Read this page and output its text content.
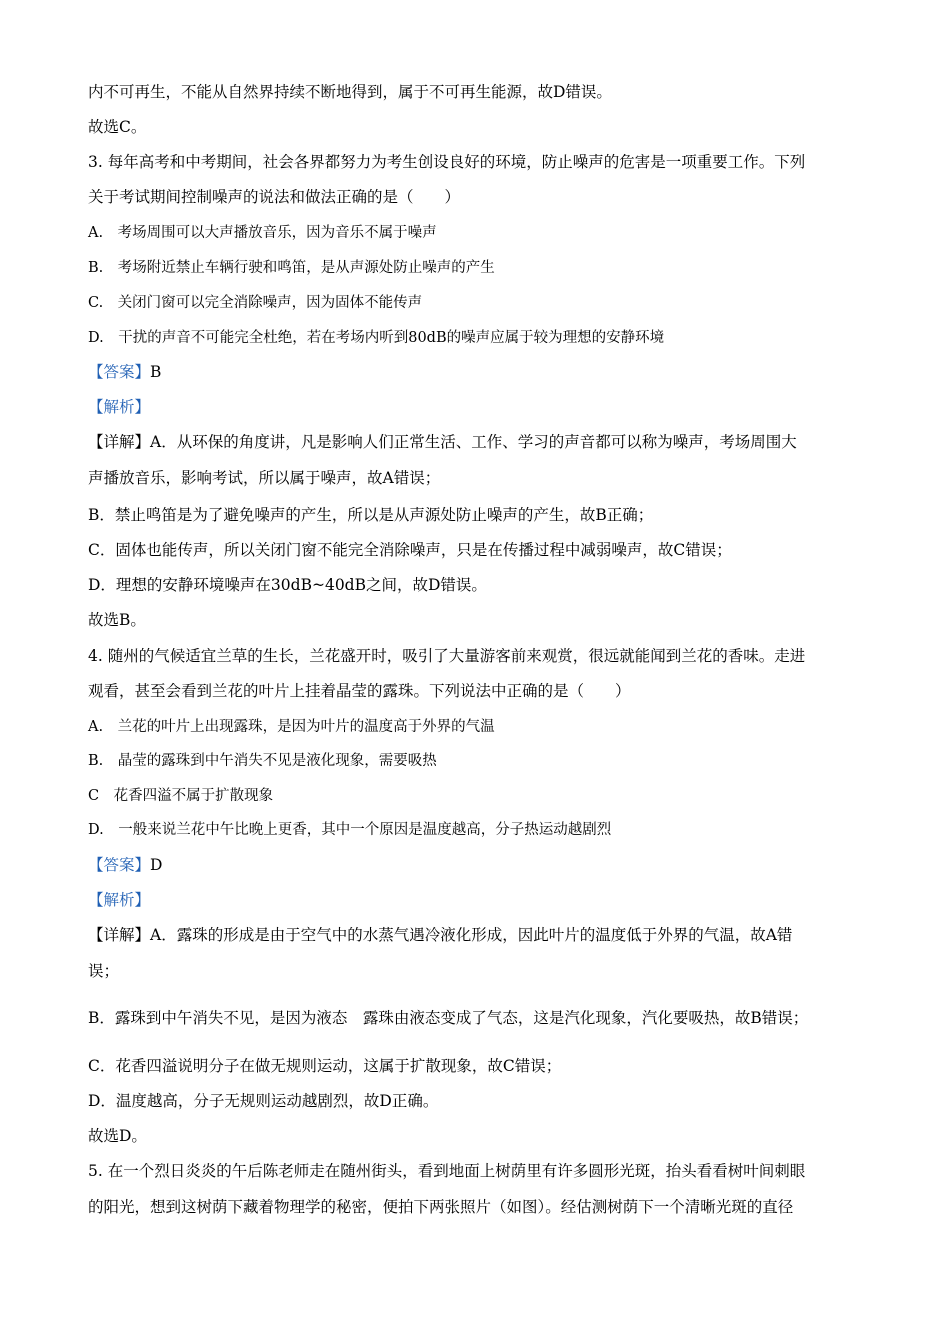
内不可再生，不能从自然界持续不断地得到，属于不可再生能源，故D错误。
故选C。
3. 每年高考和中考期间，社会各界都努力为考生创设良好的环境，防止噪声的危害是一项重要工作。下列
关于考试期间控制噪声的说法和做法正确的是（　　）
A.　考场周围可以大声播放音乐，因为音乐不属于噪声
B.　考场附近禁止车辆行驶和鸣笛，是从声源处防止噪声的产生
C.　关闭门窗可以完全消除噪声，因为固体不能传声
D.　干扰的声音不可能完全杜绝，若在考场内听到80dB的噪声应属于较为理想的安静环境
【答案】B
【解析】
【详解】A．从环保的角度讲，凡是影响人们正常生活、工作、学习的声音都可以称为噪声，考场周围大
声播放音乐，影响考试，所以属于噪声，故A错误；
B．禁止鸣笛是为了避免噪声的产生，所以是从声源处防止噪声的产生，故B正确；
C．固体也能传声，所以关闭门窗不能完全消除噪声，只是在传播过程中减弱噪声，故C错误；
D．理想的安静环境噪声在30dB~40dB之间，故D错误。
故选B。
4. 随州的气候适宜兰草的生长，兰花盛开时，吸引了大量游客前来观赏，很远就能闻到兰花的香味。走进
观看，甚至会看到兰花的叶片上挂着晶莹的露珠。下列说法中正确的是（　　）
A.　兰花的叶片上出现露珠，是因为叶片的温度高于外界的气温
B.　晶莹的露珠到中午消失不见是液化现象，需要吸热
C　花香四溢不属于扩散现象
D.　一般来说兰花中午比晚上更香，其中一个原因是温度越高，分子热运动越剧烈
【答案】D
【解析】
【详解】A．露珠的形成是由于空气中的水蒸气遇冷液化形成，因此叶片的温度低于外界的气温，故A错
误；
B．露珠到中午消失不见，是因为液态　露珠由液态变成了气态，这是汽化现象，汽化要吸热，故B错误；
C．花香四溢说明分子在做无规则运动，这属于扩散现象，故C错误；
D．温度越高，分子无规则运动越剧烈，故D正确。
故选D。
5. 在一个烈日炎炎的午后陈老师走在随州街头，看到地面上树荫里有许多圆形光斑，抬头看看树叶间刺眼
的阳光，想到这树荫下藏着物理学的秘密，便拍下两张照片（如图）。经估测树荫下一个清晰光斑的直径
